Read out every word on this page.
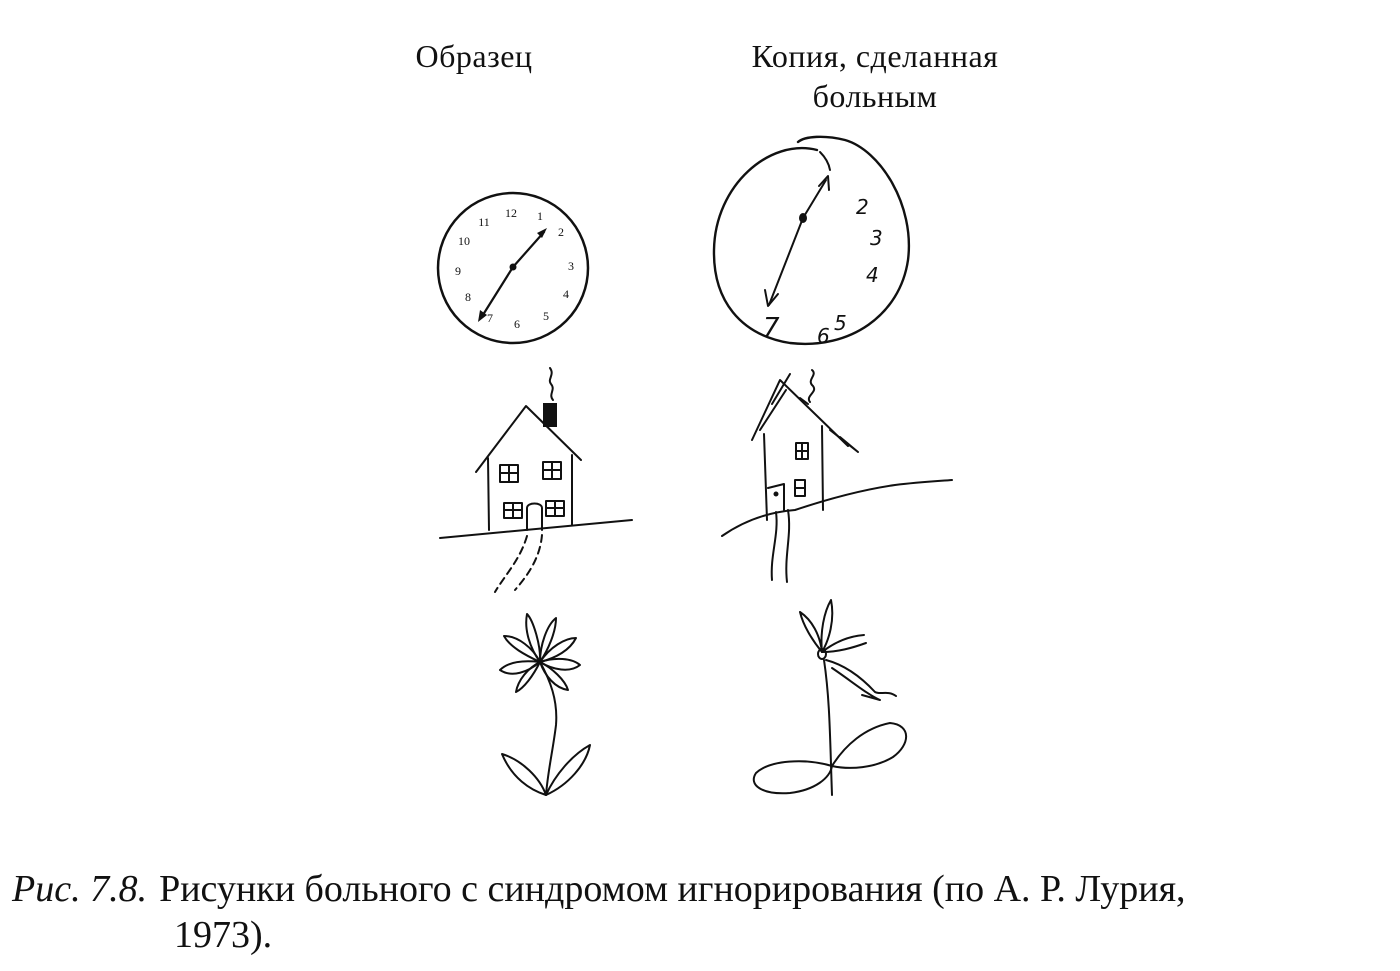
Образец	Копия, сделанная
больным
12 1
2
3
4
5
6
7
8
9
10
11
2
3
4
6
5
7
Рис. 7.8. Рисунки больного с синдромом игнорирования (по А. Р. Лурия,
1973).
